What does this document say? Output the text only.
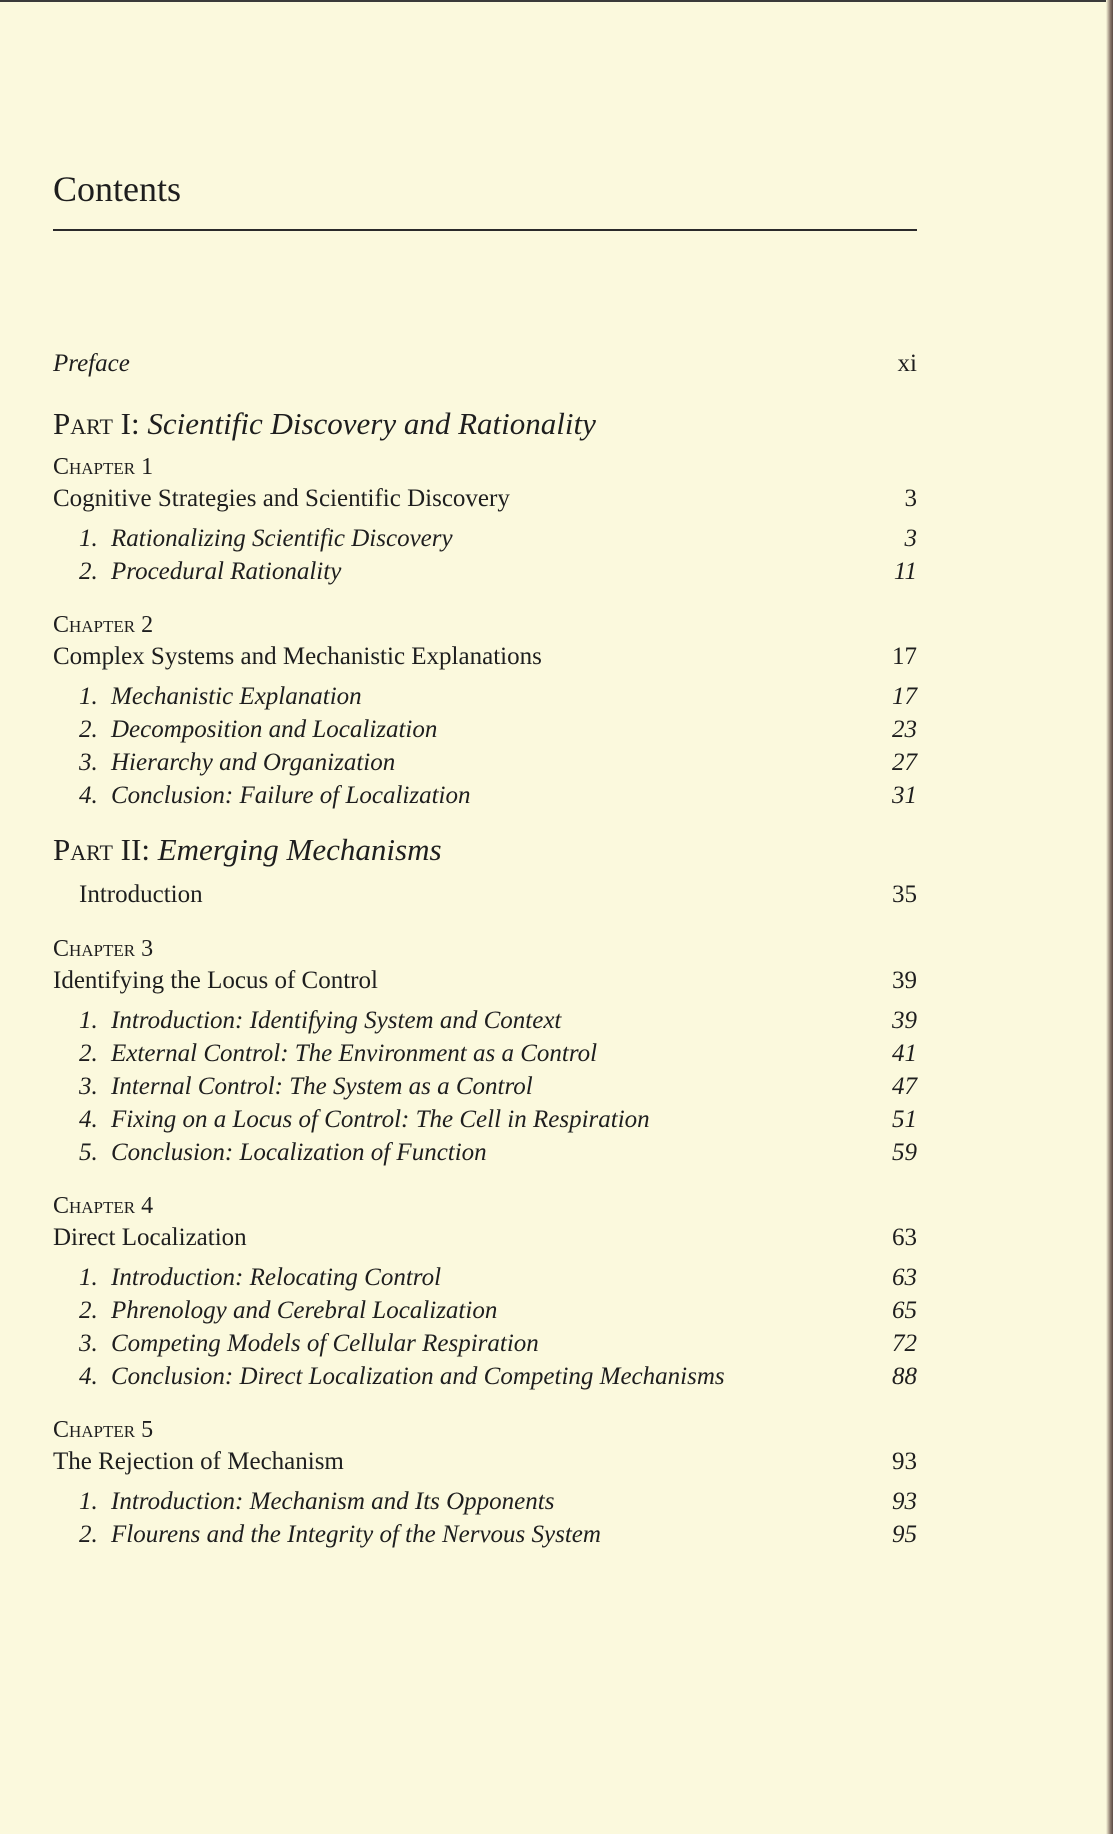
Contents
Preface	xi
Part I: Scientific Discovery and Rationality
Chapter 1
Cognitive Strategies and Scientific Discovery	3
1. Rationalizing Scientific Discovery	3
2. Procedural Rationality	11
Chapter 2
Complex Systems and Mechanistic Explanations	17
1. Mechanistic Explanation	17
2. Decomposition and Localization	23
3. Hierarchy and Organization	27
4. Conclusion: Failure of Localization	31
Part II: Emerging Mechanisms
Introduction	35
Chapter 3
Identifying the Locus of Control	39
1. Introduction: Identifying System and Context	39
2. External Control: The Environment as a Control	41
3. Internal Control: The System as a Control	47
4. Fixing on a Locus of Control: The Cell in Respiration	51
5. Conclusion: Localization of Function	59
Chapter 4
Direct Localization	63
1. Introduction: Relocating Control	63
2. Phrenology and Cerebral Localization	65
3. Competing Models of Cellular Respiration	72
4. Conclusion: Direct Localization and Competing Mechanisms	88
Chapter 5
The Rejection of Mechanism	93
1. Introduction: Mechanism and Its Opponents	93
2. Flourens and the Integrity of the Nervous System	95
